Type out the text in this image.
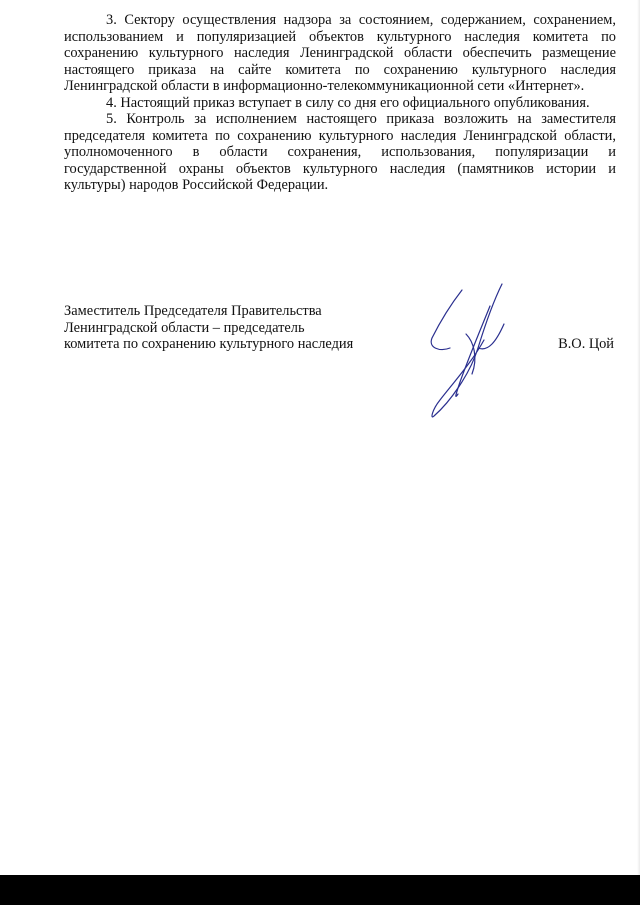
3. Сектору осуществления надзора за состоянием, содержанием, сохранением, использованием и популяризацией объектов культурного наследия комитета по сохранению культурного наследия Ленинградской области обеспечить размещение настоящего приказа на сайте комитета по сохранению культурного наследия Ленинградской области в информационно-телекоммуникационной сети «Интернет».

4. Настоящий приказ вступает в силу со дня его официального опубликования.

5. Контроль за исполнением настоящего приказа возложить на заместителя председателя комитета по сохранению культурного наследия Ленинградской области, уполномоченного в области сохранения, использования, популяризации и государственной охраны объектов культурного наследия (памятников истории и культуры) народов Российской Федерации.

Заместитель Председателя Правительства
Ленинградской области – председатель
комитета по сохранению культурного наследия	В.О. Цой
